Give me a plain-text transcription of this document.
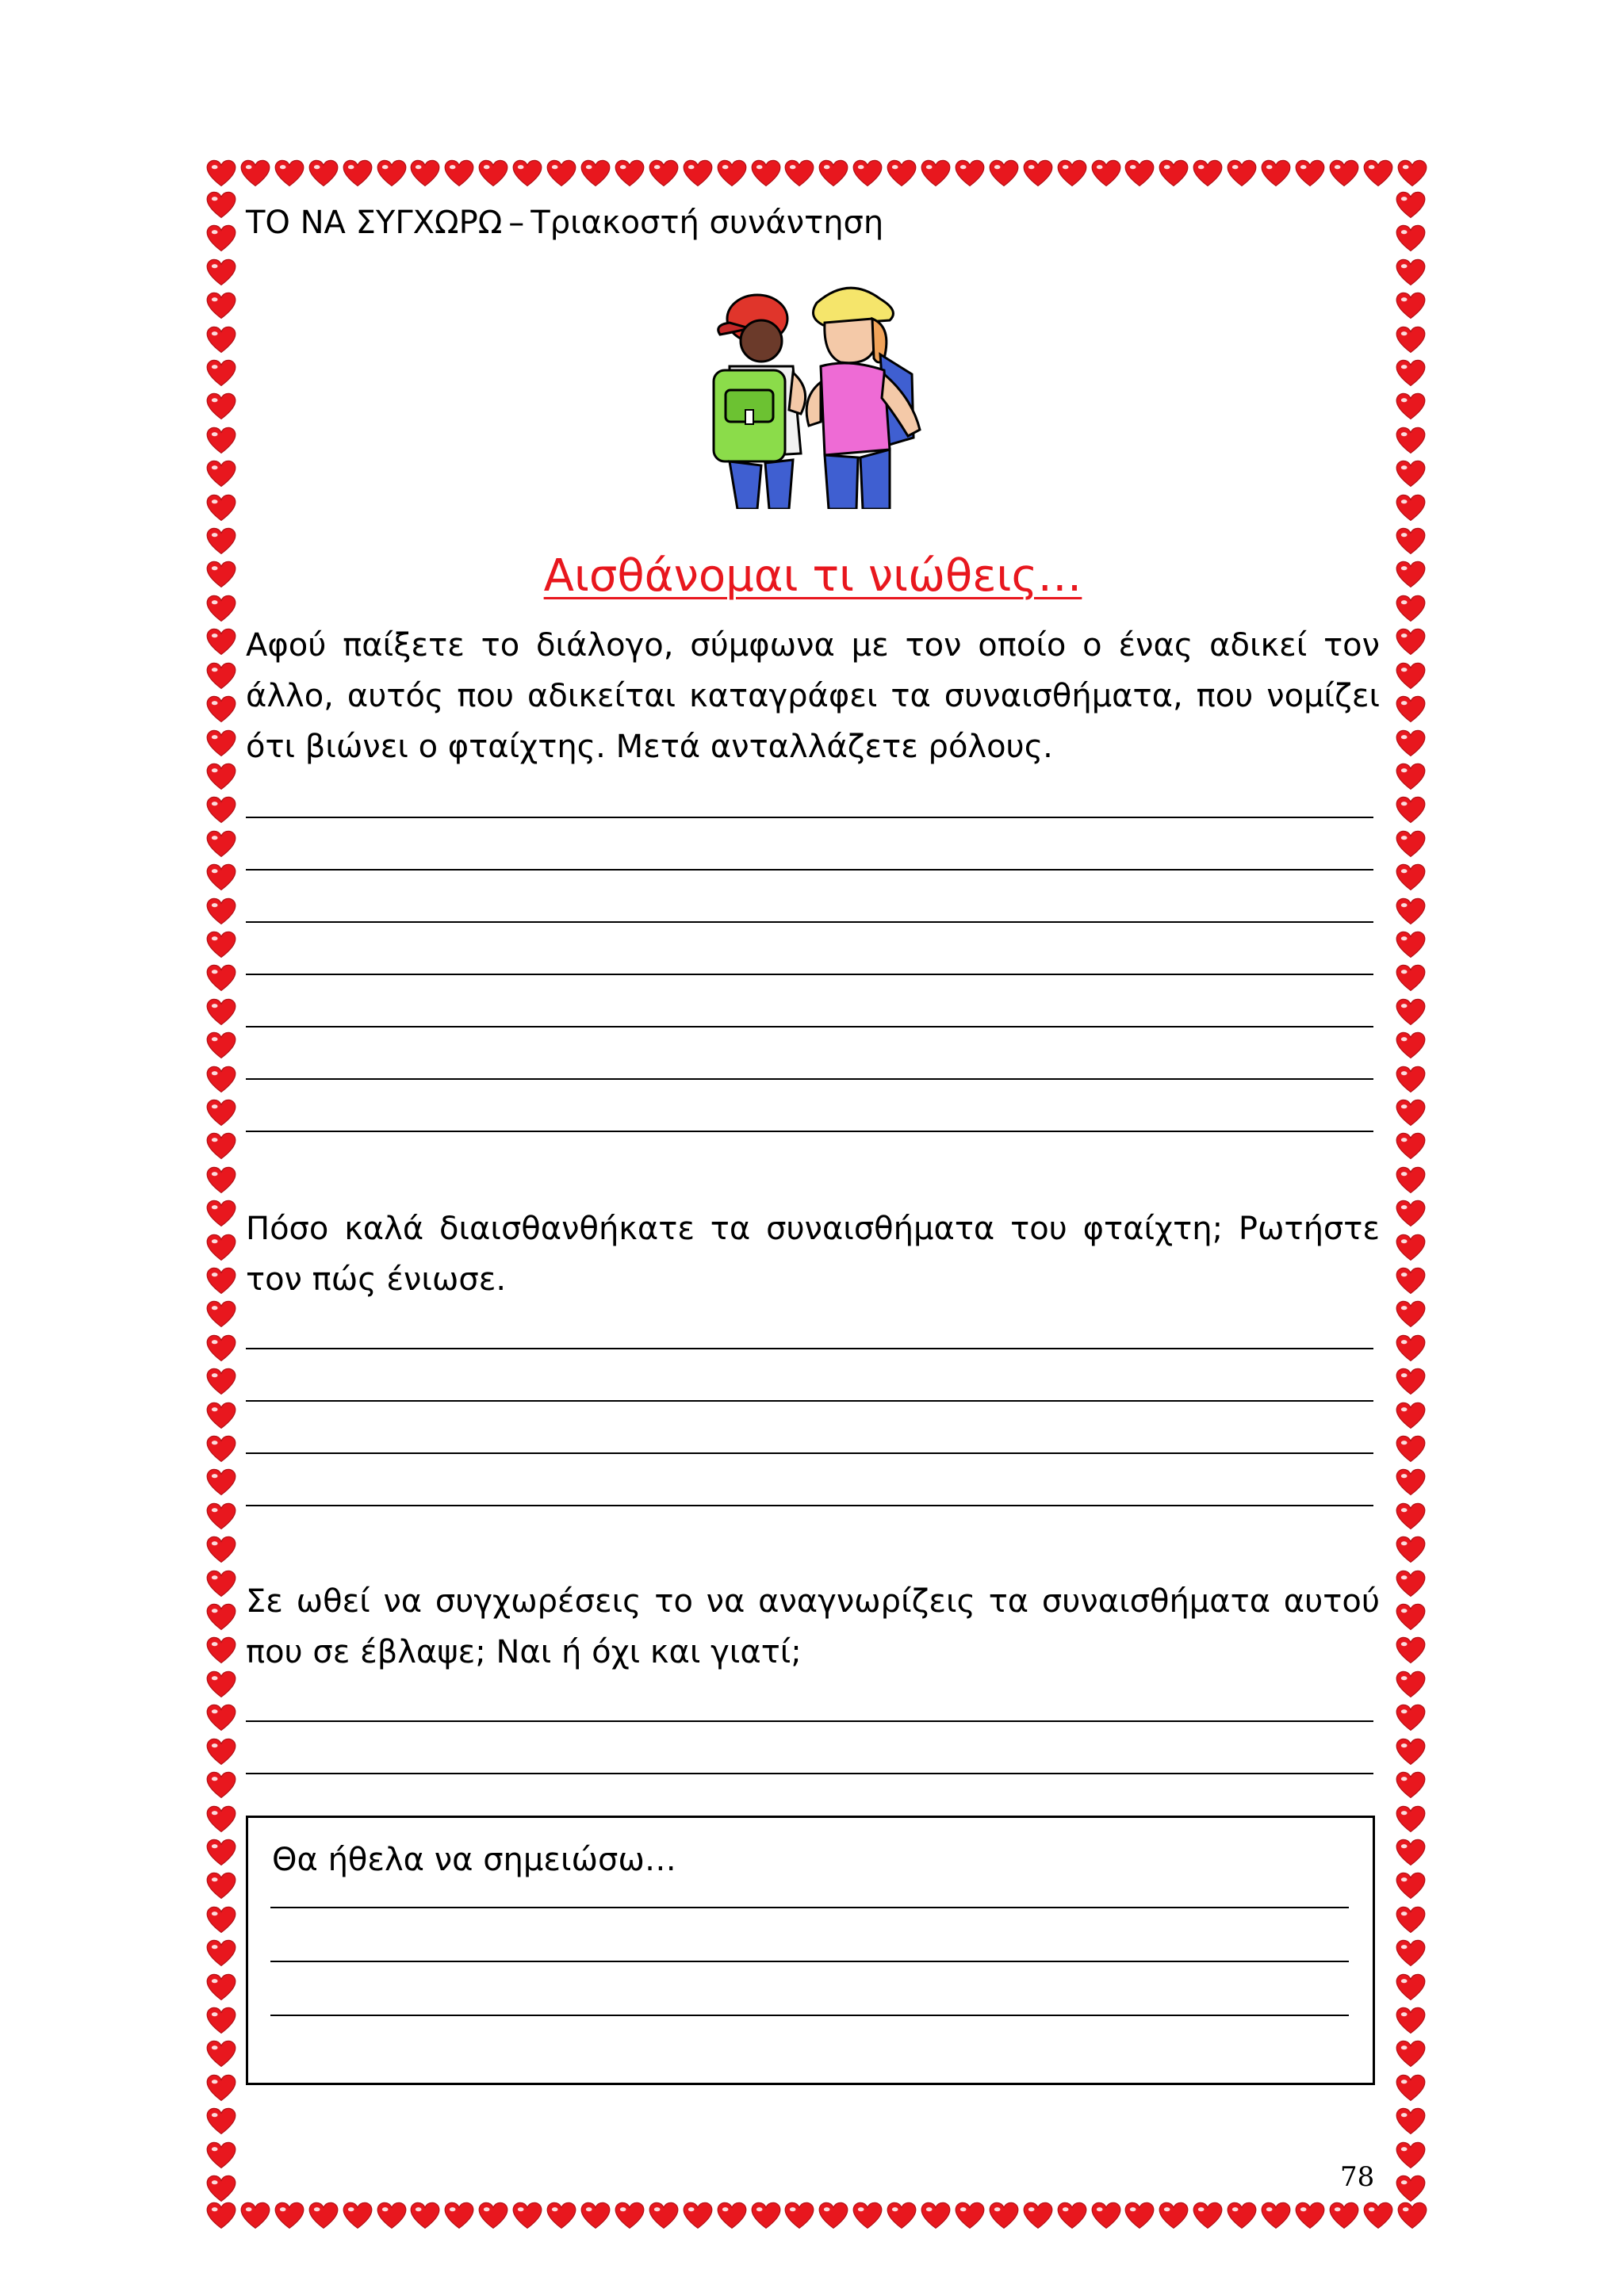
ΤΟ ΝΑ ΣΥΓΧΩΡΩ – Τριακοστή συνάντηση
Αισθάνομαι τι νιώθεις…
Αφού παίξετε το διάλογο, σύμφωνα με τον οποίο ο ένας αδικεί τον άλλο, αυτός που αδικείται καταγράφει τα συναισθήματα, που νομίζει ότι βιώνει ο φταίχτης. Μετά ανταλλάζετε ρόλους.
Πόσο καλά διαισθανθήκατε τα συναισθήματα του φταίχτη; Ρωτήστε τον πώς ένιωσε.
Σε ωθεί να συγχωρέσεις το να αναγνωρίζεις τα συναισθήματα αυτού που σε έβλαψε; Ναι ή όχι και γιατί;
Θα ήθελα να σημειώσω…
78
